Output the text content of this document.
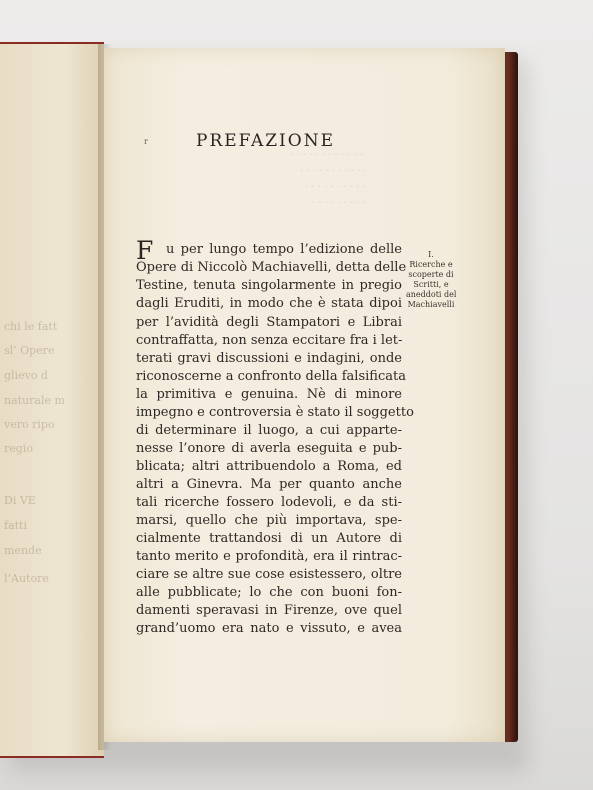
chi le fatt
sl’ Opere
glievo d
naturale m
vero ripo
regio
Di VE
fatti
mende
l’Autore
· · · · · · · · · · · ·
· · · · · · · · · · ·
· · · · · · · · · ·
· · · · · · · · ·
r	PREFAZIONE
F u per lungo tempo l’edizione delle
Opere di Niccolò Machiavelli, detta delle
Testine, tenuta singolarmente in pregio
dagli Eruditi, in modo che è stata dipoi
per l’avidità degli Stampatori e Librai
contraffatta, non senza eccitare fra i let-
terati gravi discussioni e indagini, onde
riconoscerne a confronto della falsificata
la primitiva e genuina. Nè di minore
impegno e controversia è stato il soggetto
di determinare il luogo, a cui apparte-
nesse l’onore di averla eseguita e pub-
blicata; altri attribuendolo a Roma, ed
altri a Ginevra. Ma per quanto anche
tali ricerche fossero lodevoli, e da sti-
marsi, quello che più importava, spe-
cialmente trattandosi di un Autore di
tanto merito e profondità, era il rintrac-
ciare se altre sue cose esistessero, oltre
alle pubblicate; lo che con buoni fon-
damenti speravasi in Firenze, ove quel
grand’uomo era nato e vissuto, e avea
I.
Ricerche e
scoperte di
Scritti, e
aneddoti del
Machiavelli
